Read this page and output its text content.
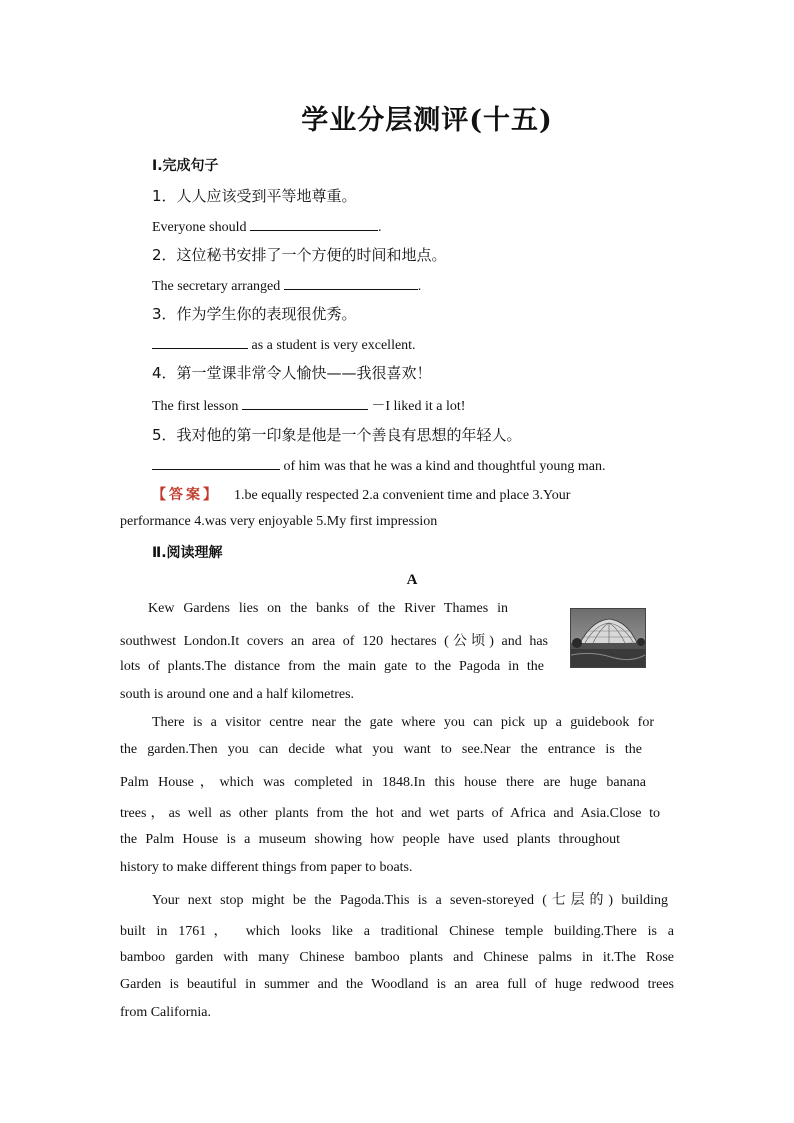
学业分层测评(十五)
Ⅰ.完成句子
1．人人应该受到平等地尊重。
Everyone should	.
2．这位秘书安排了一个方便的时间和地点。
The secretary arranged	.
3．作为学生你的表现很优秀。
as a student is very excellent.
4．第一堂课非常令人愉快——我很喜欢！
The first lesson	－I liked it a lot!
5．我对他的第一印象是他是一个善良有思想的年轻人。
of him was that he was a kind and thoughtful young man.
【答案】 1.be equally respected 2.a convenient time and place 3.Your
performance 4.was very enjoyable 5.My first impression
Ⅱ.阅读理解
A
Kew Gardens lies on the banks of the River Thames in
southwest London.It covers an area of 120 hectares (公顷) and has
lots of plants.The distance from the main gate to the Pagoda in the
south is around one and a half kilometres.
There is a visitor centre near the gate where you can pick up a guidebook for
the garden.Then you can decide what you want to see.Near the entrance is the
Palm House，which was completed in 1848.In this house there are huge banana
trees，as well as other plants from the hot and wet parts of Africa and Asia.Close to
the Palm House is a museum showing how people have used plants throughout
history to make different things from paper to boats.
Your next stop might be the Pagoda.This is a seven-storeyed (七层的) building
built in 1761， which looks like a traditional Chinese temple building.There is a
bamboo garden with many Chinese bamboo plants and Chinese palms in it.The Rose
Garden is beautiful in summer and the Woodland is an area full of huge redwood trees
from California.
